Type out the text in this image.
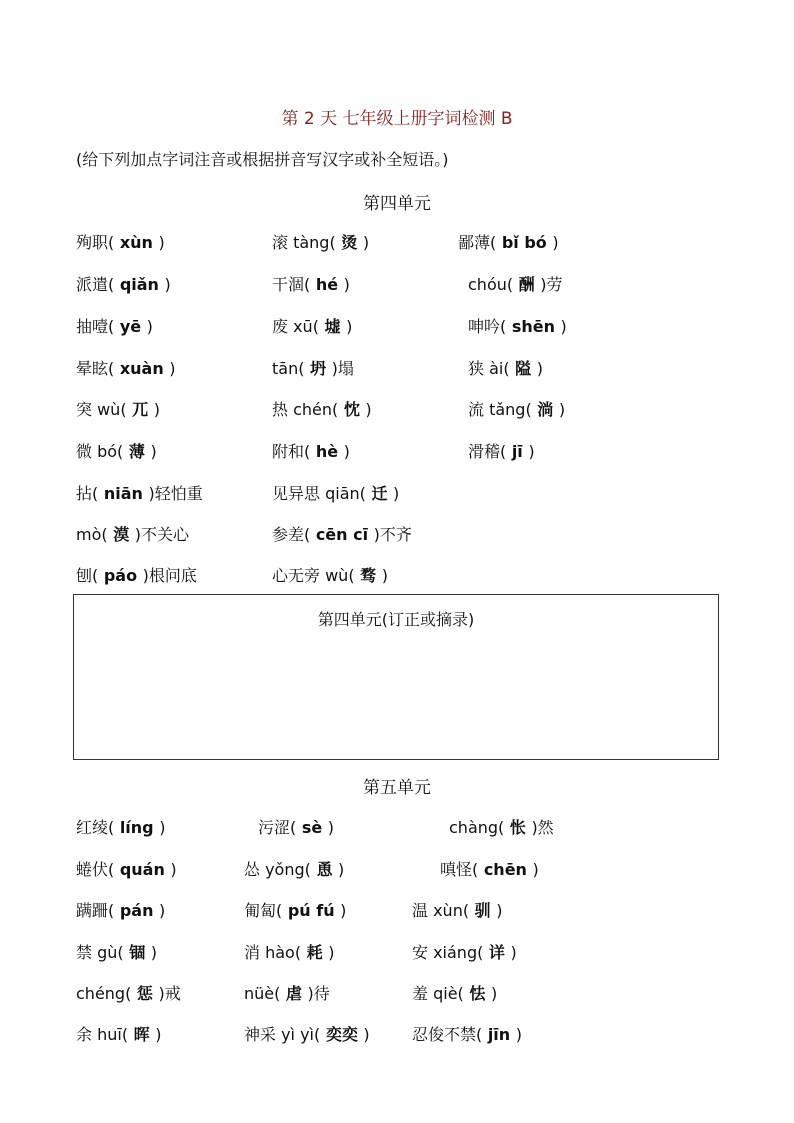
第 2 天 七年级上册字词检测 B
(给下列加点字词注音或根据拼音写汉字或补全短语。)
第四单元
殉职( xùn )	滚 tàng( 烫 )	鄙薄( bǐ bó )
派遣( qiǎn )	干涸( hé )	chóu( 酬 )劳
抽噎( yē )	废 xū( 墟 )	呻吟( shēn )
晕眩( xuàn )	tān( 坍 )塌	狭 ài( 隘 )
突 wù( 兀 )	热 chén( 忱 )	流 tǎng( 淌 )
微 bó( 薄 )	附和( hè )	滑稽( jī )
拈( niān )轻怕重	见异思 qiān( 迁 )
mò( 漠 )不关心	参差( cēn cī )不齐
刨( páo )根问底	心无旁 wù( 骛 )
第四单元(订正或摘录)
第五单元
红绫( líng )	污涩( sè )	chàng( 怅 )然
蜷伏( quán )	怂 yǒng( 恿 )	嗔怪( chēn )
蹒跚( pán )	匍匐( pú fú )	温 xùn( 驯 )
禁 gù( 锢 )	消 hào( 耗 )	安 xiáng( 详 )
chéng( 惩 )戒	nüè( 虐 )待	羞 qiè( 怯 )
余 huī( 晖 )	神采 yì yì( 奕奕 )	忍俊不禁( jīn )
